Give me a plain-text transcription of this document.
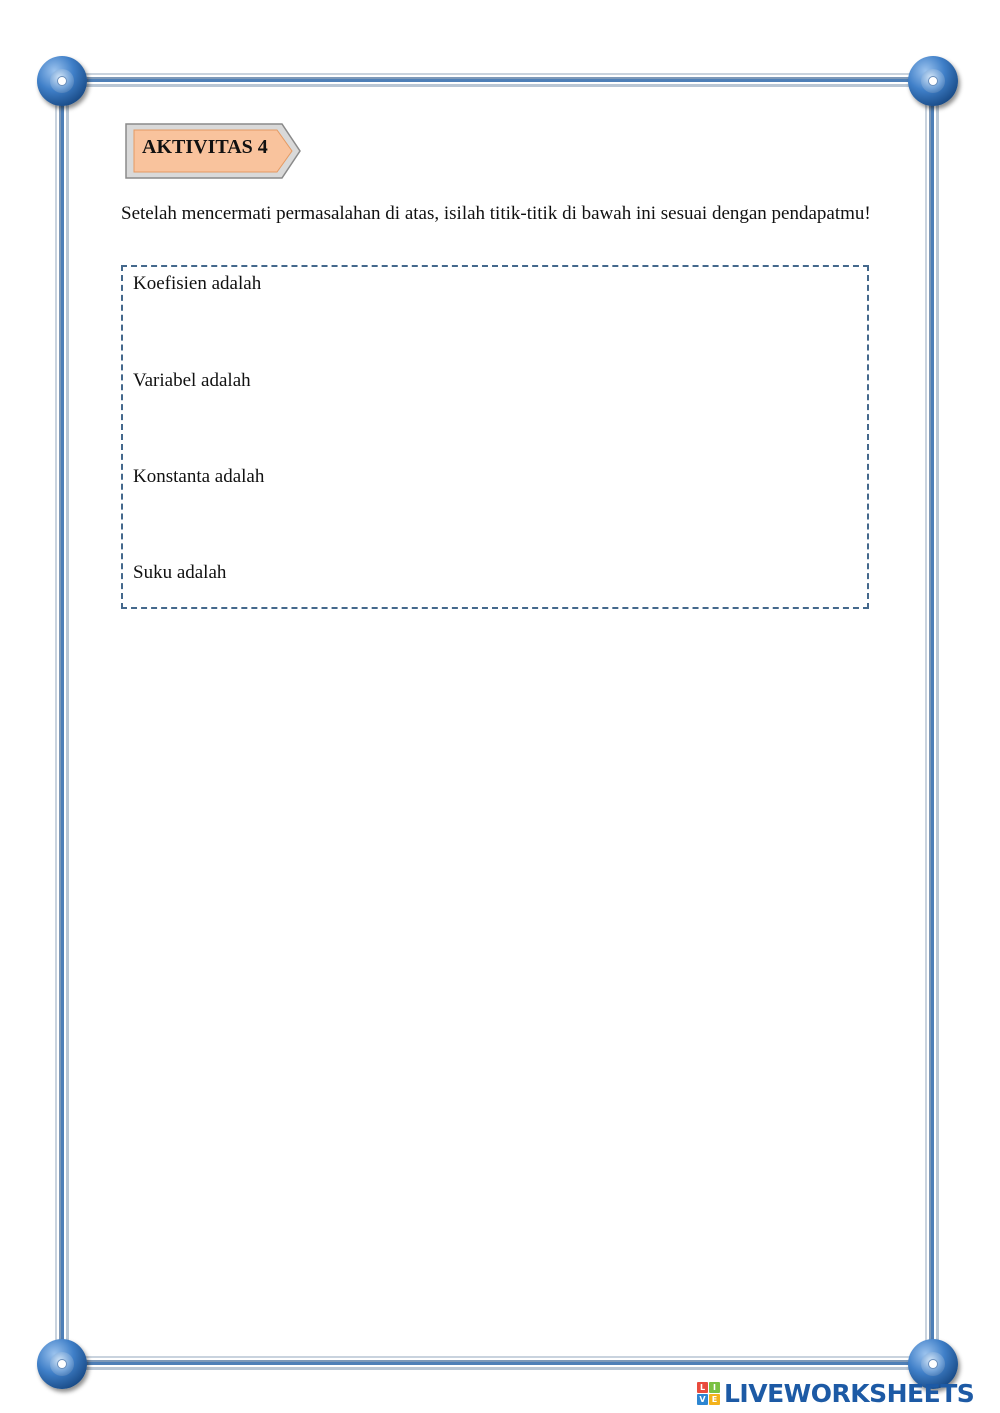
AKTIVITAS 4
Setelah mencermati permasalahan di atas, isilah titik-titik di bawah ini sesuai dengan pendapatmu!
Koefisien adalah
Variabel adalah
Konstanta adalah
Suku adalah
L I
V E LIVEWORKSHEETS
